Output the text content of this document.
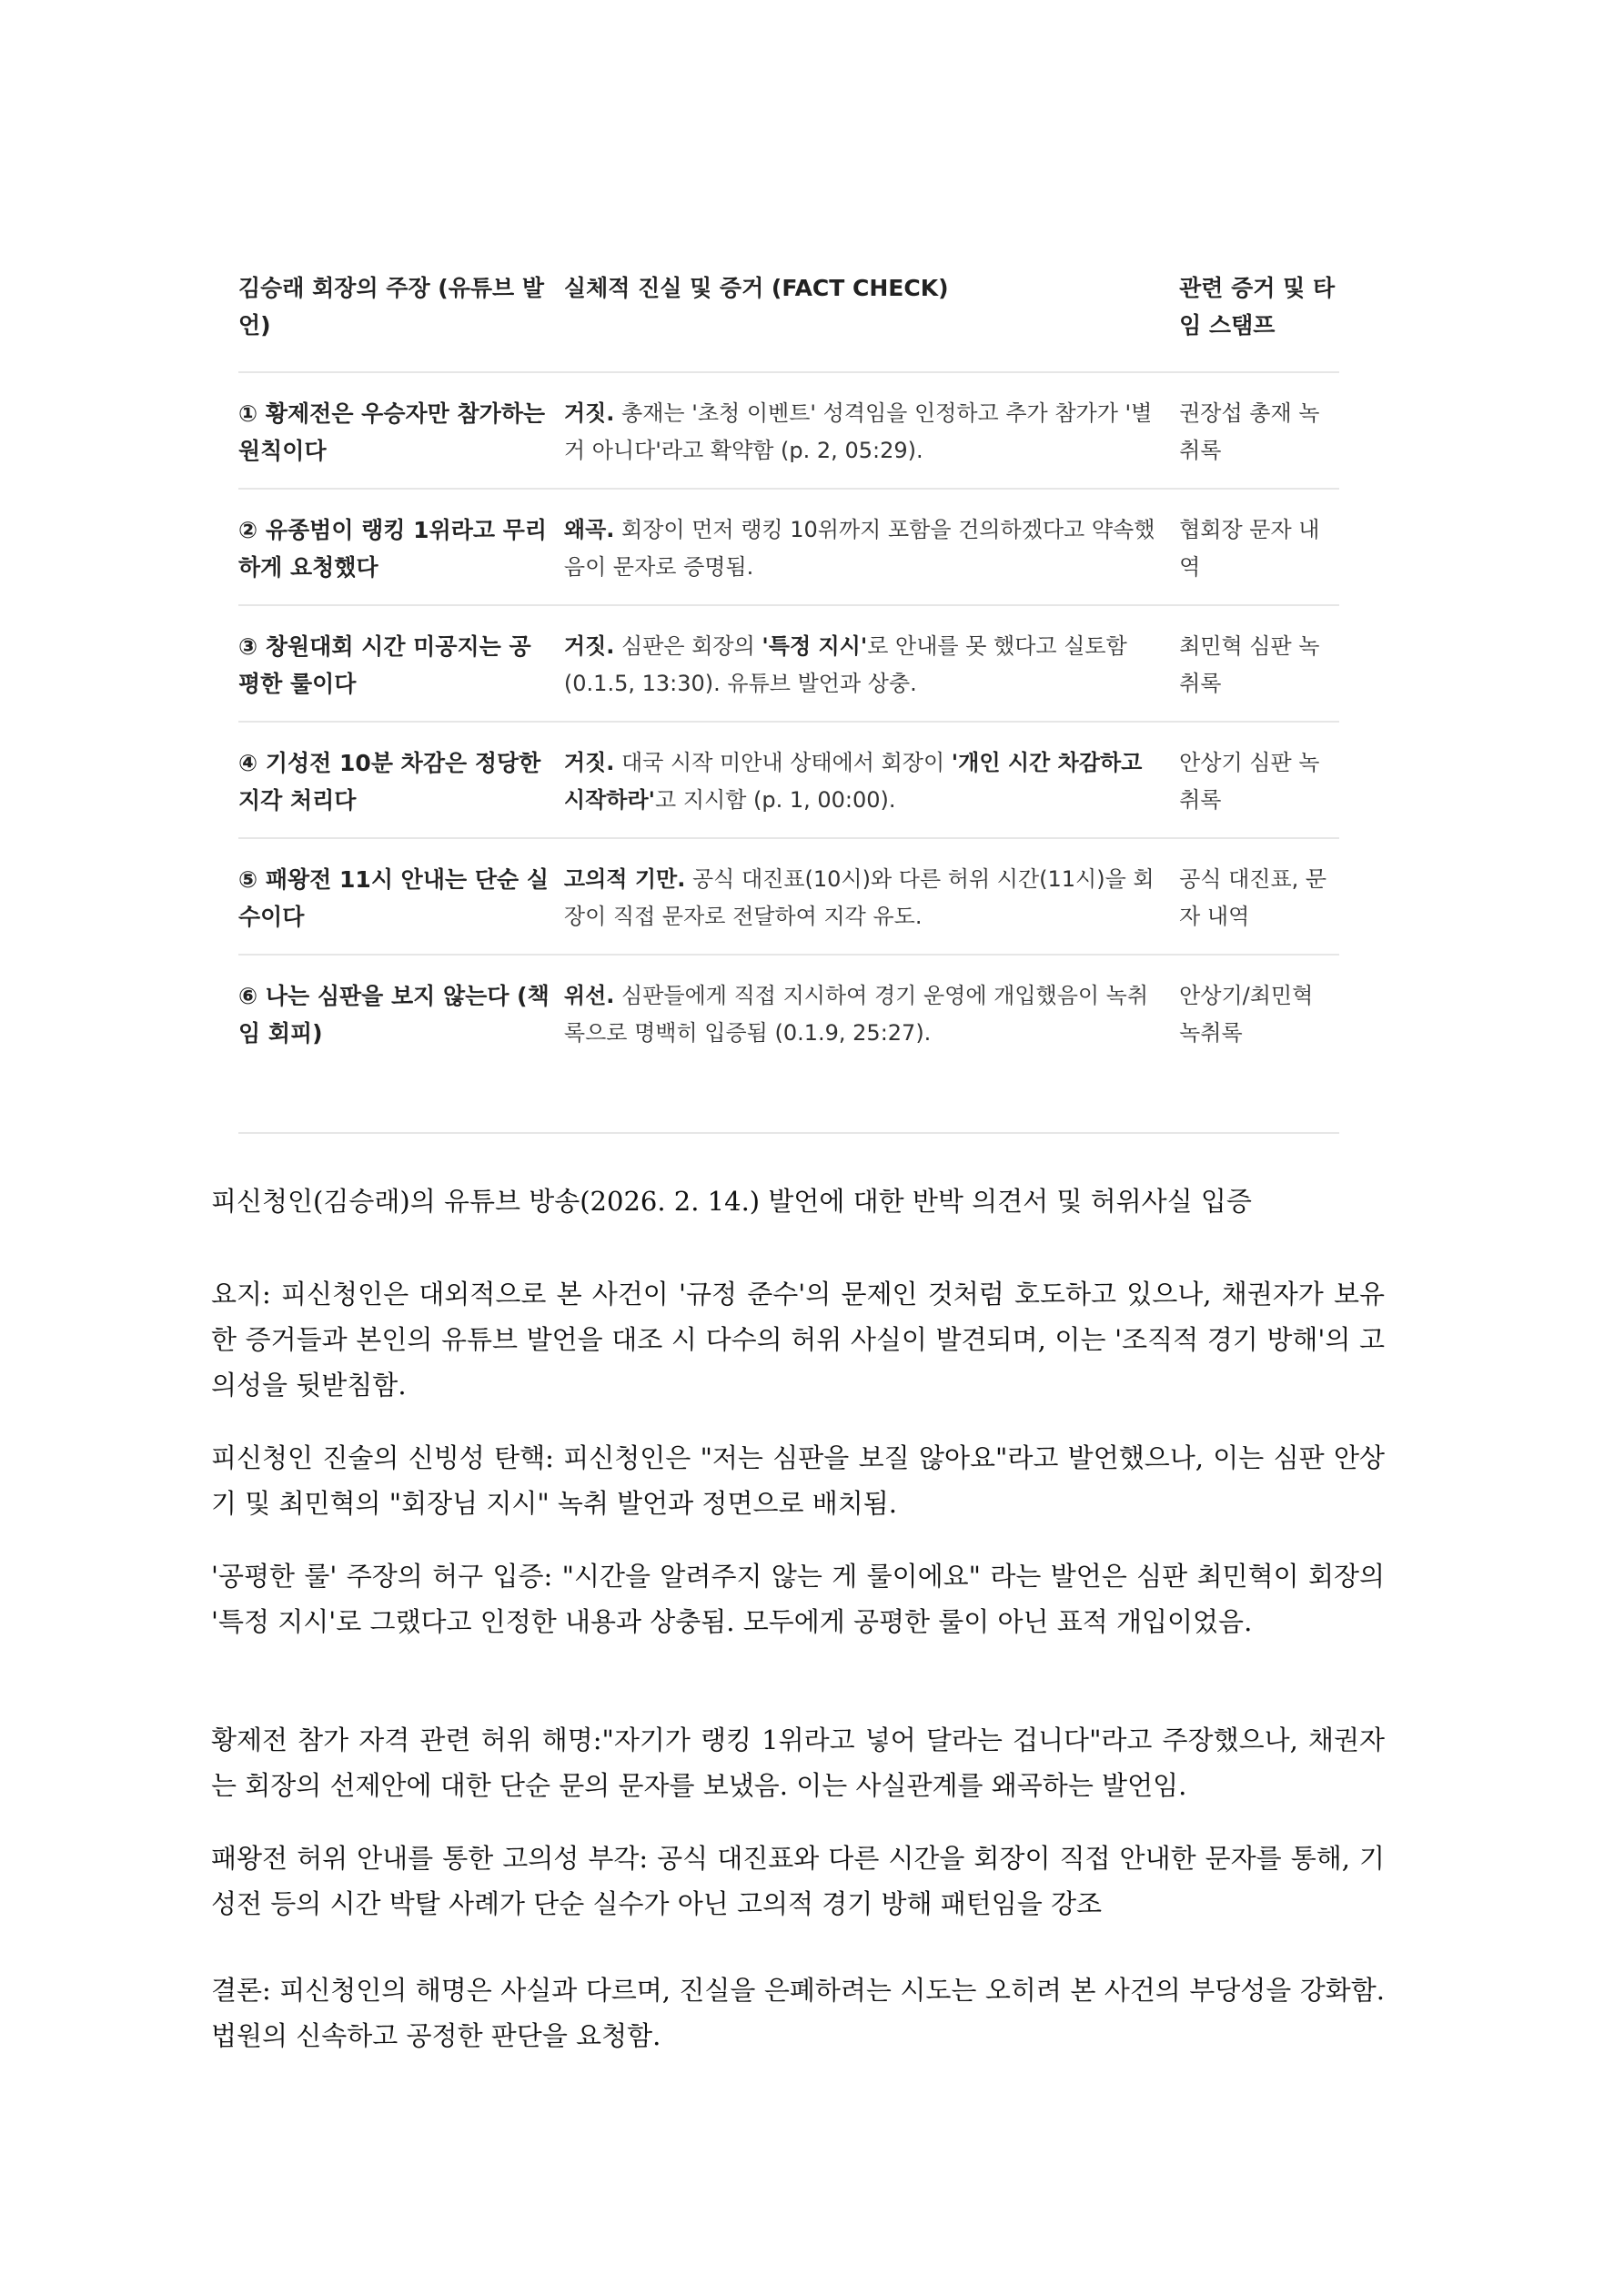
김승래 회장의 주장 (유튜브 발언)
실체적 진실 및 증거 (FACT CHECK)	관련 증거 및 타임 스탬프
① 황제전은 우승자만 참가하는 원칙이다
거짓. 총재는 '초청 이벤트' 성격임을 인정하고 추가 참가가 '별거 아니다'라고 확약함 (p. 2, 05:29).
권장섭 총재 녹취록
② 유종범이 랭킹 1위라고 무리하게 요청했다
왜곡. 회장이 먼저 랭킹 10위까지 포함을 건의하겠다고 약속했음이 문자로 증명됨.
협회장 문자 내역
③ 창원대회 시간 미공지는 공평한 룰이다
거짓. 심판은 회장의 '특정 지시'로 안내를 못 했다고 실토함 (0.1.5, 13:30). 유튜브 발언과 상충.
최민혁 심판 녹취록
④ 기성전 10분 차감은 정당한 지각 처리다
거짓. 대국 시작 미안내 상태에서 회장이 '개인 시간 차감하고 시작하라'고 지시함 (p. 1, 00:00).
안상기 심판 녹취록
⑤ 패왕전 11시 안내는 단순 실수이다
고의적 기만. 공식 대진표(10시)와 다른 허위 시간(11시)을 회장이 직접 문자로 전달하여 지각 유도.
공식 대진표, 문자 내역
⑥ 나는 심판을 보지 않는다 (책임 회피)
위선. 심판들에게 직접 지시하여 경기 운영에 개입했음이 녹취록으로 명백히 입증됨 (0.1.9, 25:27).
안상기/최민혁 녹취록

피신청인(김승래)의 유튜브 방송(2026. 2. 14.) 발언에 대한 반박 의견서 및 허위사실 입증

요지: 피신청인은 대외적으로 본 사건이 '규정 준수'의 문제인 것처럼 호도하고 있으나, 채권자가 보유한 증거들과 본인의 유튜브 발언을 대조 시 다수의 허위 사실이 발견되며, 이는 '조직적 경기 방해'의 고의성을 뒷받침함.

피신청인 진술의 신빙성 탄핵: 피신청인은 "저는 심판을 보질 않아요"라고 발언했으나, 이는 심판 안상기 및 최민혁의 "회장님 지시" 녹취 발언과 정면으로 배치됨.

'공평한 룰' 주장의 허구 입증: "시간을 알려주지 않는 게 룰이에요" 라는 발언은 심판 최민혁이 회장의 '특정 지시'로 그랬다고 인정한 내용과 상충됨. 모두에게 공평한 룰이 아닌 표적 개입이었음.

황제전 참가 자격 관련 허위 해명:"자기가 랭킹 1위라고 넣어 달라는 겁니다"라고 주장했으나, 채권자는 회장의 선제안에 대한 단순 문의 문자를 보냈음. 이는 사실관계를 왜곡하는 발언임.

패왕전 허위 안내를 통한 고의성 부각: 공식 대진표와 다른 시간을 회장이 직접 안내한 문자를 통해, 기성전 등의 시간 박탈 사례가 단순 실수가 아닌 고의적 경기 방해 패턴임을 강조

결론: 피신청인의 해명은 사실과 다르며, 진실을 은폐하려는 시도는 오히려 본 사건의 부당성을 강화함. 법원의 신속하고 공정한 판단을 요청함.
